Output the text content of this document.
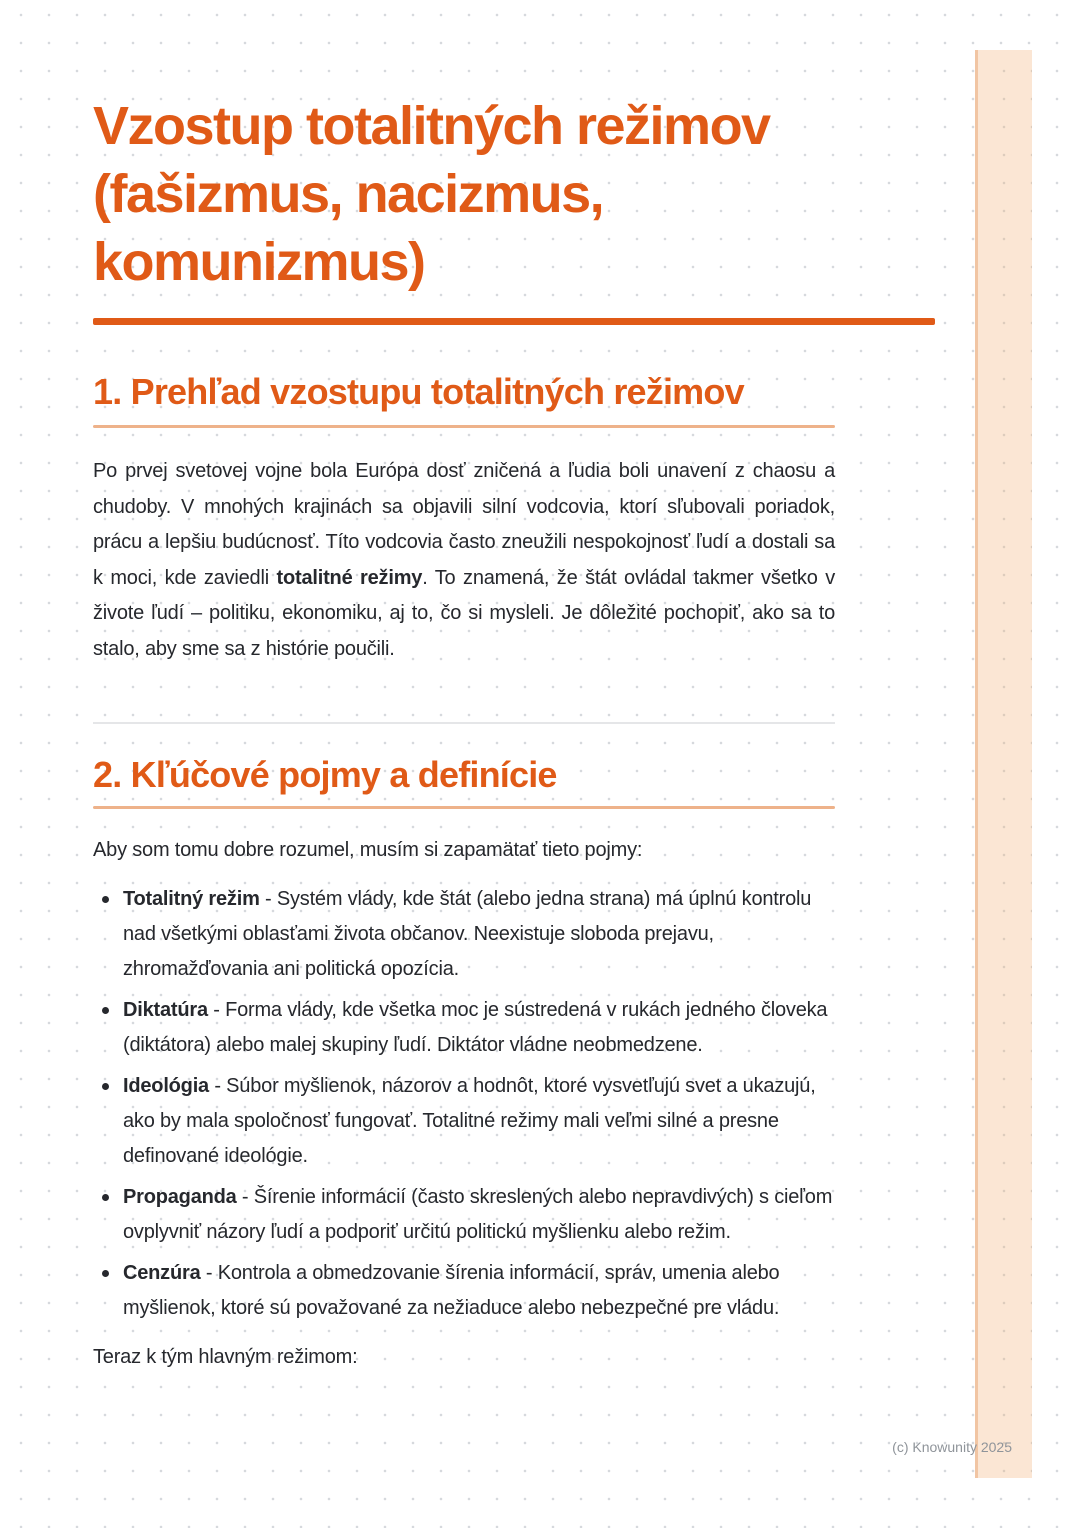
Vzostup totalitných režimov
(fašizmus, nacizmus,
komunizmus)
1. Prehľad vzostupu totalitných režimov

Po prvej svetovej vojne bola Európa dosť zničená a ľudia boli unavení z chaosu a chudoby. V mnohých krajinách sa objavili silní vodcovia, ktorí sľubovali poriadok, prácu a lepšiu budúcnosť. Títo vodcovia často zneužili nespokojnosť ľudí a dostali sa k moci, kde zaviedli totalitné režimy. To znamená, že štát ovládal takmer všetko v živote ľudí – politiku, ekonomiku, aj to, čo si mysleli. Je dôležité pochopiť, ako sa to stalo, aby sme sa z histórie poučili.

2. Kľúčové pojmy a definície

Aby som tomu dobre rozumel, musím si zapamätať tieto pojmy:

Totalitný režim - Systém vlády, kde štát (alebo jedna strana) má úplnú kontrolu nad všetkými oblasťami života občanov. Neexistuje sloboda prejavu, zhromažďovania ani politická opozícia.
Diktatúra - Forma vlády, kde všetka moc je sústredená v rukách jedného človeka (diktátora) alebo malej skupiny ľudí. Diktátor vládne neobmedzene.
Ideológia - Súbor myšlienok, názorov a hodnôt, ktoré vysvetľujú svet a ukazujú, ako by mala spoločnosť fungovať. Totalitné režimy mali veľmi silné a presne definované ideológie.
Propaganda - Šírenie informácií (často skreslených alebo nepravdivých) s cieľom ovplyvniť názory ľudí a podporiť určitú politickú myšlienku alebo režim.
Cenzúra - Kontrola a obmedzovanie šírenia informácií, správ, umenia alebo myšlienok, ktoré sú považované za nežiaduce alebo nebezpečné pre vládu.

Teraz k tým hlavným režimom:

(c) Knowunity 2025
